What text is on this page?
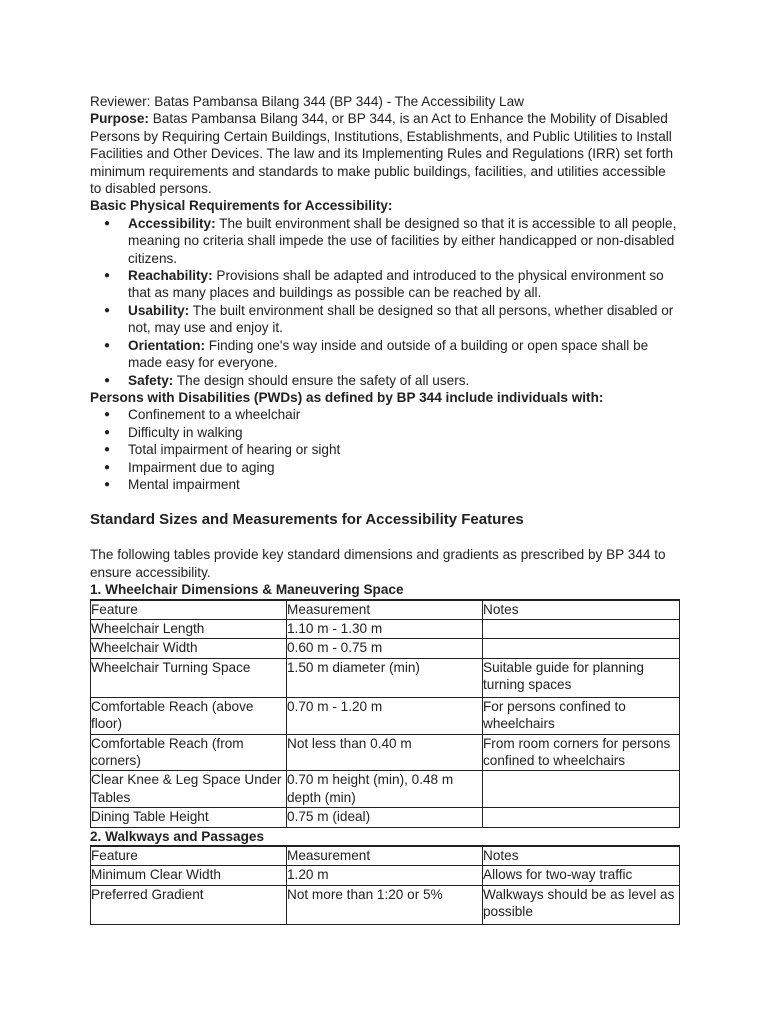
Reviewer: Batas Pambansa Bilang 344 (BP 344) - The Accessibility Law

Purpose: Batas Pambansa Bilang 344, or BP 344, is an Act to Enhance the Mobility of Disabled Persons by Requiring Certain Buildings, Institutions, Establishments, and Public Utilities to Install Facilities and Other Devices. The law and its Implementing Rules and Regulations (IRR) set forth minimum requirements and standards to make public buildings, facilities, and utilities accessible to disabled persons.

Basic Physical Requirements for Accessibility:

● Accessibility: The built environment shall be designed so that it is accessible to all people, meaning no criteria shall impede the use of facilities by either handicapped or non-disabled citizens.
● Reachability: Provisions shall be adapted and introduced to the physical environment so that as many places and buildings as possible can be reached by all.
● Usability: The built environment shall be designed so that all persons, whether disabled or not, may use and enjoy it.
● Orientation: Finding one's way inside and outside of a building or open space shall be made easy for everyone.
● Safety: The design should ensure the safety of all users.

Persons with Disabilities (PWDs) as defined by BP 344 include individuals with:

● Confinement to a wheelchair
● Difficulty in walking
● Total impairment of hearing or sight
● Impairment due to aging
● Mental impairment
Standard Sizes and Measurements for Accessibility Features

The following tables provide key standard dimensions and gradients as prescribed by BP 344 to ensure accessibility.

1. Wheelchair Dimensions & Maneuvering Space

Feature	Measurement	Notes
Wheelchair Length	1.10 m - 1.30 m	
Wheelchair Width	0.60 m - 0.75 m	
Wheelchair Turning Space	1.50 m diameter (min)	Suitable guide for planning turning spaces
Comfortable Reach (above floor)	0.70 m - 1.20 m	For persons confined to wheelchairs
Comfortable Reach (from corners)	Not less than 0.40 m	From room corners for persons confined to wheelchairs
Clear Knee & Leg Space Under Tables	0.70 m height (min), 0.48 m depth (min)	
Dining Table Height	0.75 m (ideal)	

2. Walkways and Passages

Feature	Measurement	Notes
Minimum Clear Width	1.20 m	Allows for two-way traffic
Preferred Gradient	Not more than 1:20 or 5%	Walkways should be as level as possible
